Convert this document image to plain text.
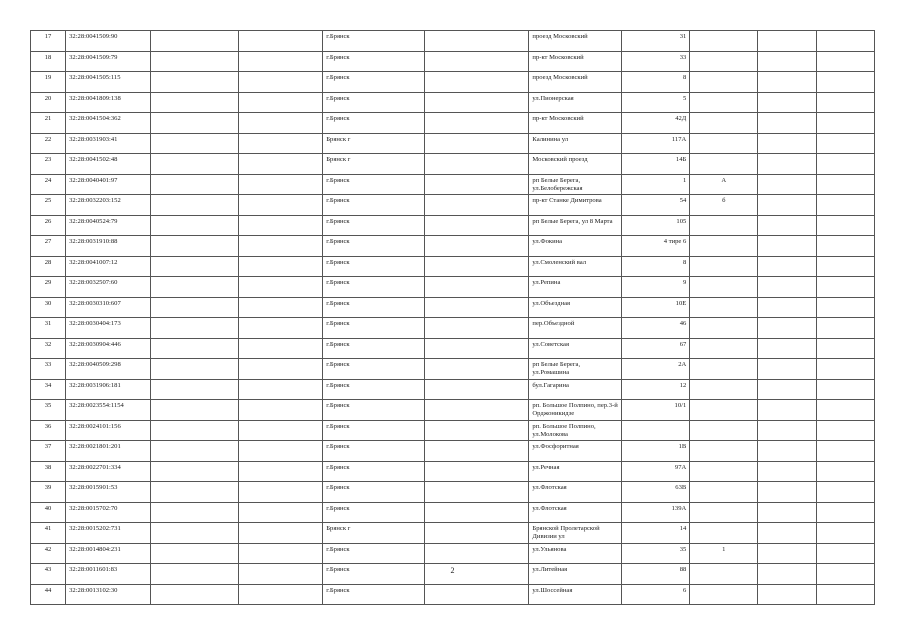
17	32:28:0041509:90			г.Брянск		проезд Московский	31			
18	32:28:0041509:79			г.Брянск		пр-кт Московский	33			
19	32:28:0041505:115			г.Брянск		проезд Московский	8			
20	32:28:0041809:138			г.Брянск		ул.Пионерская	5			
21	32:28:0041504:362			г.Брянск		пр-кт Московский	42Д			
22	32:28:0031903:41			Брянск г		Калинина ул	117А			
23	32:28:0041502:48			Брянск г		Московский проезд	14Б			
24	32:28:0040401:97			г.Брянск		рп Белые Берега, ул.Белобережская	1	А		
25	32:28:0032203:152			г.Брянск		пр-кт Станке Димитрова	54	б		
26	32:28:0040524:79			г.Брянск		рп Белые Берега, ул 8 Марта	105			
27	32:28:0031910:88			г.Брянск		ул.Фокина	4 тире 6			
28	32:28:0041007:12			г.Брянск		ул.Смоленский вал	8			
29	32:28:0032507:60			г.Брянск		ул.Репина	9			
30	32:28:0030310:607			г.Брянск		ул.Объездная	10Е			
31	32:28:0030404:173			г.Брянск		пер.Объездной	46			
32	32:28:0030904:446			г.Брянск		ул.Советская	67			
33	32:28:0040509:298			г.Брянск		рп Белые Берега, ул.Ромашина	2А			
34	32:28:0031906:181			г.Брянск		бул.Гагарина	12			
35	32:28:0023554:1154			г.Брянск		рп. Большое Полпино, пер.3-й Орджоникидзе	10/1			
36	32:28:0024101:156			г.Брянск		рп. Большое Полпино, ул.Молокова				
37	32:28:0021801:201			г.Брянск		ул.Фосфоритная	1В			
38	32:28:0022701:334			г.Брянск		ул.Речная	97А			
39	32:28:0015901:53			г.Брянск		ул.Флотская	63В			
40	32:28:0015702:70			г.Брянск		ул.Флотская	139А			
41	32:28:0015202:731			Брянск г		Брянской Пролетарской Дивизии ул	14			
42	32:28:0014804:231			г.Брянск		ул.Ульянова	35	1		
43	32:28:0011601:83			г.Брянск		ул.Литейная	88			
44	32:28:0013102:30			г.Брянск		ул.Шоссейная	6			
2
